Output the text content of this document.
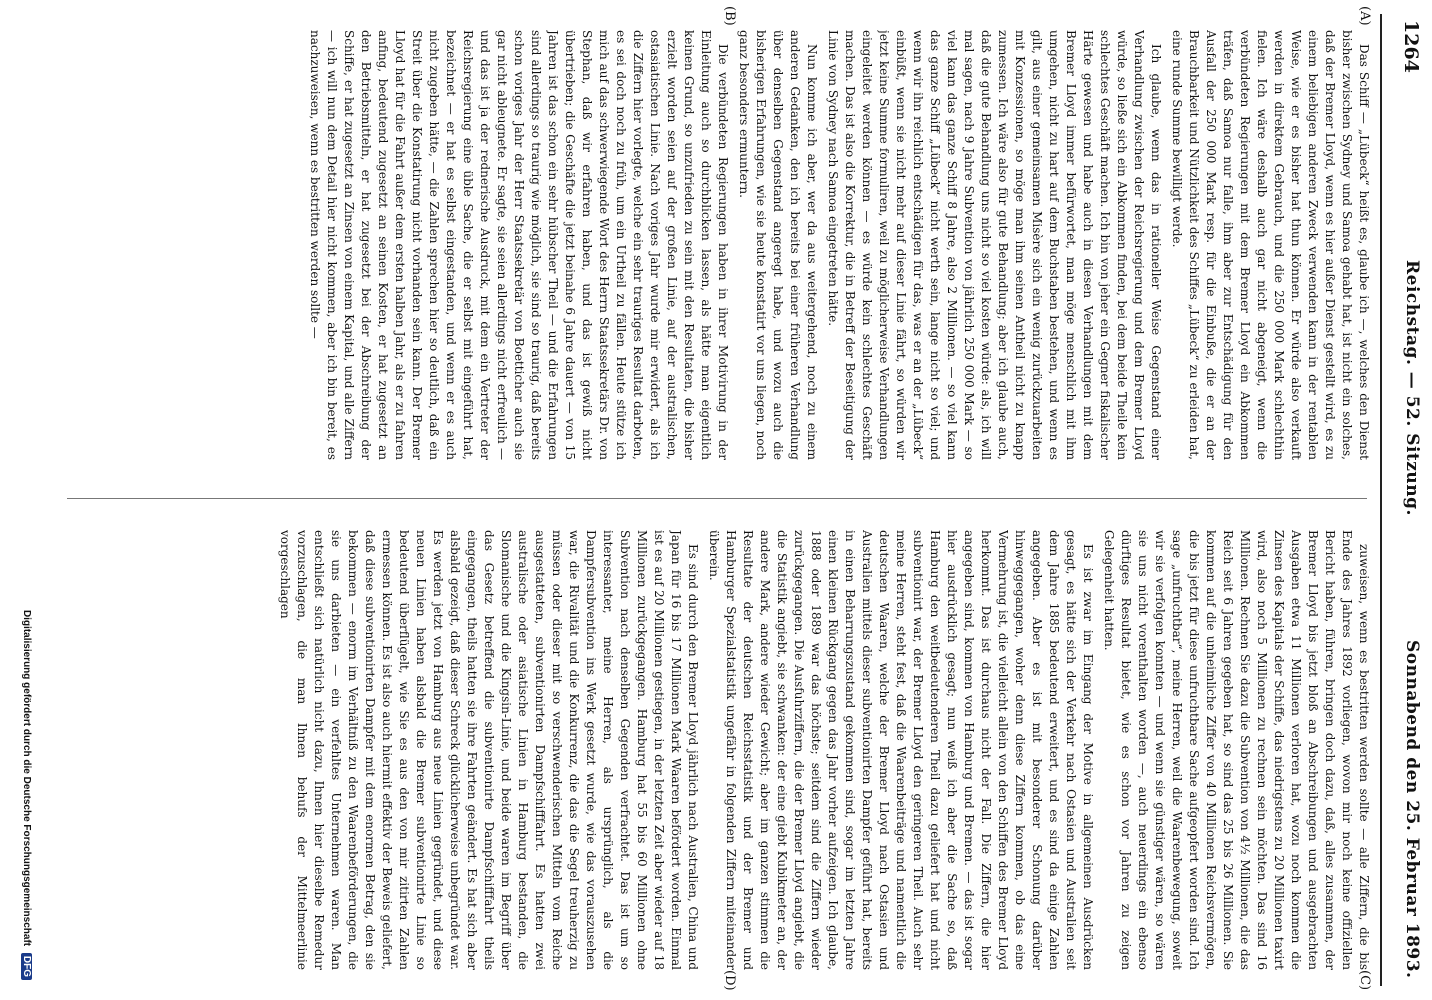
1264
Reichstag. — 52. Sitzung.
Sonnabend den 25. Februar 1893.

Das Schiff — „Lübeck“ heißt es, glaube ich —, welches den Dienst bisher zwischen Sydney und Samoa gehabt hat, ist nicht ein solches, daß der Bremer Lloyd, wenn es hier außer Dienst gestellt wird, es zu einem beliebigen anderen Zweck verwenden kann in der rentablen Weise, wie er es bisher hat thun können. Er würde also verkauft werden in direktem Gebrauch, und die 250 000 Mark schlechthin fielen. Ich wäre deshalb auch gar nicht abgeneigt, wenn die verbündeten Regierungen mit dem Bremer Lloyd ein Abkommen träfen, daß Samoa nur falle, ihm aber zur Entschädigung für den Ausfall der 250 000 Mark resp. für die Einbuße, die er an der Brauchbarkeit und Nützlichkeit des Schiffes „Lübeck“ zu erleiden hat, eine runde Summe bewilligt werde.

Ich glaube, wenn das in rationeller Weise Gegenstand einer Verhandlung zwischen der Reichsregierung und dem Bremer Lloyd würde, so ließe sich ein Abkommen finden, bei dem beide Theile kein schlechtes Geschäft machen. Ich bin von jeher ein Gegner fiskalischer Härte gewesen und habe auch in diesen Verhandlungen mit dem Bremer Lloyd immer befürwortet, man möge menschlich mit ihm umgehen, nicht zu hart auf dem Buchstaben bestehen, und wenn es gilt, aus einer gemeinsamen Misère sich ein wenig zurückzuarbeiten mit Konzessionen, so möge man ihm seinen Antheil nicht zu knapp zumessen. Ich wäre also für gute Behandlung; aber ich glaube auch, daß die gute Behandlung uns nicht so viel kosten würde: als, ich will mal sagen, nach 9 Jahre Subvention von jährlich 250 000 Mark — so viel kann das ganze Schiff 8 Jahre, also 2 Millionen. — so viel kann das ganze Schiff „Lübeck“ nicht werth sein, lange nicht so viel; und wenn wir ihn reichlich entschädigen für das, was er an der „Lübeck“ einbüßt, wenn sie nicht mehr auf dieser Linie fährt, so würden wir jetzt keine Summe formuliren, weil zu möglicherweise Verhandlungen eingeleitet werden können — es würde kein schlechtes Geschäft machen. Das ist also die Korrektur, die in Betreff der Beseitigung der Linie von Sydney nach Samoa eingetreten hätte.

Nun komme ich aber, wer da aus weitergehend, noch zu einem anderen Gedanken, den ich bereits bei einer früheren Verhandlung über denselben Gegenstand angeregt habe, und wozu auch die bisherigen Erfahrungen, wie sie heute konstatirt vor uns liegen, noch ganz besonders ermuntern.

Die verbündeten Regierungen haben in ihrer Motivirung in der Einleitung auch so durchblicken lassen, als hätte man eigentlich keinen Grund, so unzufrieden zu sein mit den Resultaten, die bisher erzielt worden seien auf der großen Linie, auf der australischen, ostasiatischen Linie. Nach voriges Jahr wurde mir erwidert, als ich die Ziffern hier vorlegte, welche ein sehr trauriges Resultat darboten, es sei doch noch zu früh, um ein Urtheil zu fällen. Heute stütze ich mich auf das schwerwiegende Wort des Herrn Staatssekretärs Dr. von Stephan, daß wir erfahren haben, und das ist gewiß nicht übertrieben; die Geschäfte die jetzt beinahe 6 Jahre dauert — von 15 Jahren ist das schon ein sehr hübscher Theil — und die Erfahrungen sind allerdings so traurig wie möglich, sie sind so traurig, daß bereits schon voriges Jahr der Herr Staatssekretär von Boetticher auch sie gar nicht ableugnete. Er sagte, sie seien allerdings nicht erfreulich — und das ist ja der rednerische Ausdruck, mit dem ein Vertreter der Reichsregierung eine üble Sache, die er selbst mit eingeführt hat, bezeichnet — er hat es selbst eingestanden, und wenn er es auch nicht zugeben hätte, — die Zahlen sprechen hier so deutlich, daß ein Streit über die Konstatirung nicht vorhanden sein kann. Der Bremer Lloyd hat für die Fahrt außer dem ersten halben Jahr, als er zu fahren anfing, bedeutend zugesetzt an seinen Kosten, er hat zugesetzt an den Betriebsmitteln, er hat zugesetzt bei der Abschreibung der Schiffe, er hat zugesetzt an Zinsen von einem Kapital, und alle Ziffern — ich will nun dem Detail hier nicht kommen, aber ich bin bereit, es nachzuweisen, wenn es bestritten werden sollte —

zuweisen, wenn es bestritten werden sollte — alle Ziffern, die bis Ende des Jahres 1892 vorliegen, wovon mir noch keine offiziellen Bericht haben, führen, bringen doch dazu, daß, alles zusammen, der Bremer Lloyd bis jetzt bloß an Abschreibungen und ausgebrachten Ausgaben etwa 11 Millionen verloren hat, wozu noch kommen die Zinsen des Kapitals der Schiffe, das niedrigstens zu 20 Millionen taxirt wird, also noch 5 Millionen zu rechnen sein möchten. Das sind 16 Millionen. Rechnen Sie dazu die Subvention von 4½ Millionen, die das Reich seit 6 Jahren gegeben hat, so sind das 25 bis 26 Millionen. Sie kommen auf die unheimliche Ziffer von 40 Millionen Reichsvermögen, die bis jetzt für diese unfruchtbare Sache aufgeopfert worden sind. Ich sage „unfruchtbar“, meine Herren, weil die Waarenbewegung, soweit wir sie verfolgen konnten — und wenn sie günstiger wären, so wären sie uns nicht vorenthalten worden —, auch neuerdings ein ebenso dürftiges Resultat bietet, wie es schon vor Jahren zu zeigen Gelegenheit hatten.

Es ist zwar im Eingang der Motive in allgemeinen Ausdrücken gesagt, es hätte sich der Verkehr nach Ostasien und Australien seit dem Jahre 1885 bedeutend erweitert, und es sind da einige Zahlen angegeben. Aber es ist mit besonderer Schonung darüber hinweggegangen, woher denn diese Ziffern kommen, ob das eine Vermehrung ist, die vielleicht allein von den Schiffen des Bremer Lloyd herkommt. Das ist durchaus nicht der Fall. Die Ziffern, die hier angegeben sind, kommen von Hamburg und Bremen. — das ist sogar hier ausdrücklich gesagt; nun weiß ich aber die Sache so, daß Hamburg den weitbedeutenderen Theil dazu geliefert hat und nicht subventionirt war, der Bremer Lloyd den geringeren Theil. Auch sehr meine Herren, steht fest, daß die Waarenbeiträge und namentlich die deutschen Waaren, welche der Bremer Lloyd nach Ostasien und Australien mittels dieser subventionirten Dampfer geführt hat, bereits in einen Beharrungszustand gekommen sind, sogar im letzten Jahre einen kleinen Rückgang gegen das Jahr vorher aufzeigen. Ich glaube, 1888 oder 1889 war das höchste; seitdem sind die Ziffern wieder zurückgegangen. Die Ausfuhrziffern, die der Bremer Lloyd angiebt, die die Statistik angiebt, sie schwanken: der eine giebt Kubikmeter an, der andere Mark, andere wieder Gewicht; aber im ganzen stimmen die Resultate der deutschen Reichsstatistik und der Bremer und Hamburger Spezialstatistik ungefähr in folgenden Ziffern miteinander überein.

Es sind durch den Bremer Lloyd jährlich nach Australien, China und Japan für 16 bis 17 Millionen Mark Waaren befördert worden. Einmal ist es auf 20 Millionen gestiegen, in der letzten Zeit aber wieder auf 18 Millionen zurückgegangen. Hamburg hat 55 bis 60 Millionen ohne Subvention nach denselben Gegenden verfrachtet. Das ist um so interessanter, meine Herren, als ursprünglich, als die Dampfersubvention ins Werk gesetzt wurde, wie das vorauszusehen war, die Rivalität und die Konkurrenz, die das die Segel treuherzig zu müssen oder dieser mit so verschwenderischen Mitteln vom Reiche ausgestatteten, subventionirten Dampfschifffahrt. Es hatten zwei australische oder asiatische Linien in Hamburg bestanden, die Slomanische und die Kingsin-Linie, und beide waren im Begriff über das Gesetz betreffend die subventionirte Dampfschifffahrt theils eingegangen, theils hatten sie ihre Fahrten geändert. Es hat sich aber alsbald gezeigt, daß dieser Schreck glücklicherweise unbegründet war. Es werden jetzt von Hamburg aus neue Linien gegründet, und diese neuen Linien haben alsbald die Bremer subventionirte Linie so bedeutend überflügelt, wie Sie es aus den von mir zitirten Zahlen ermessen können. Es ist also auch hiermit effektiv der Beweis geliefert, daß diese subventionirten Dampfer mit dem enormen Betrag, den sie bekommen — enorm im Verhältniß zu den Waarenbeförderungen, die sie uns darbieten — ein verfehltes Unternehmen waren. Man entschließt sich natürlich nicht dazu, Ihnen hier dieselbe Remedur vorzuschlagen, die man Ihnen behufs der Mittelmeerlinie vorgeschlagen

(A)
(B)
(C)
(D)
Digitalisierung gefördert durch die Deutsche Forschungsgemeinschaft DFG
